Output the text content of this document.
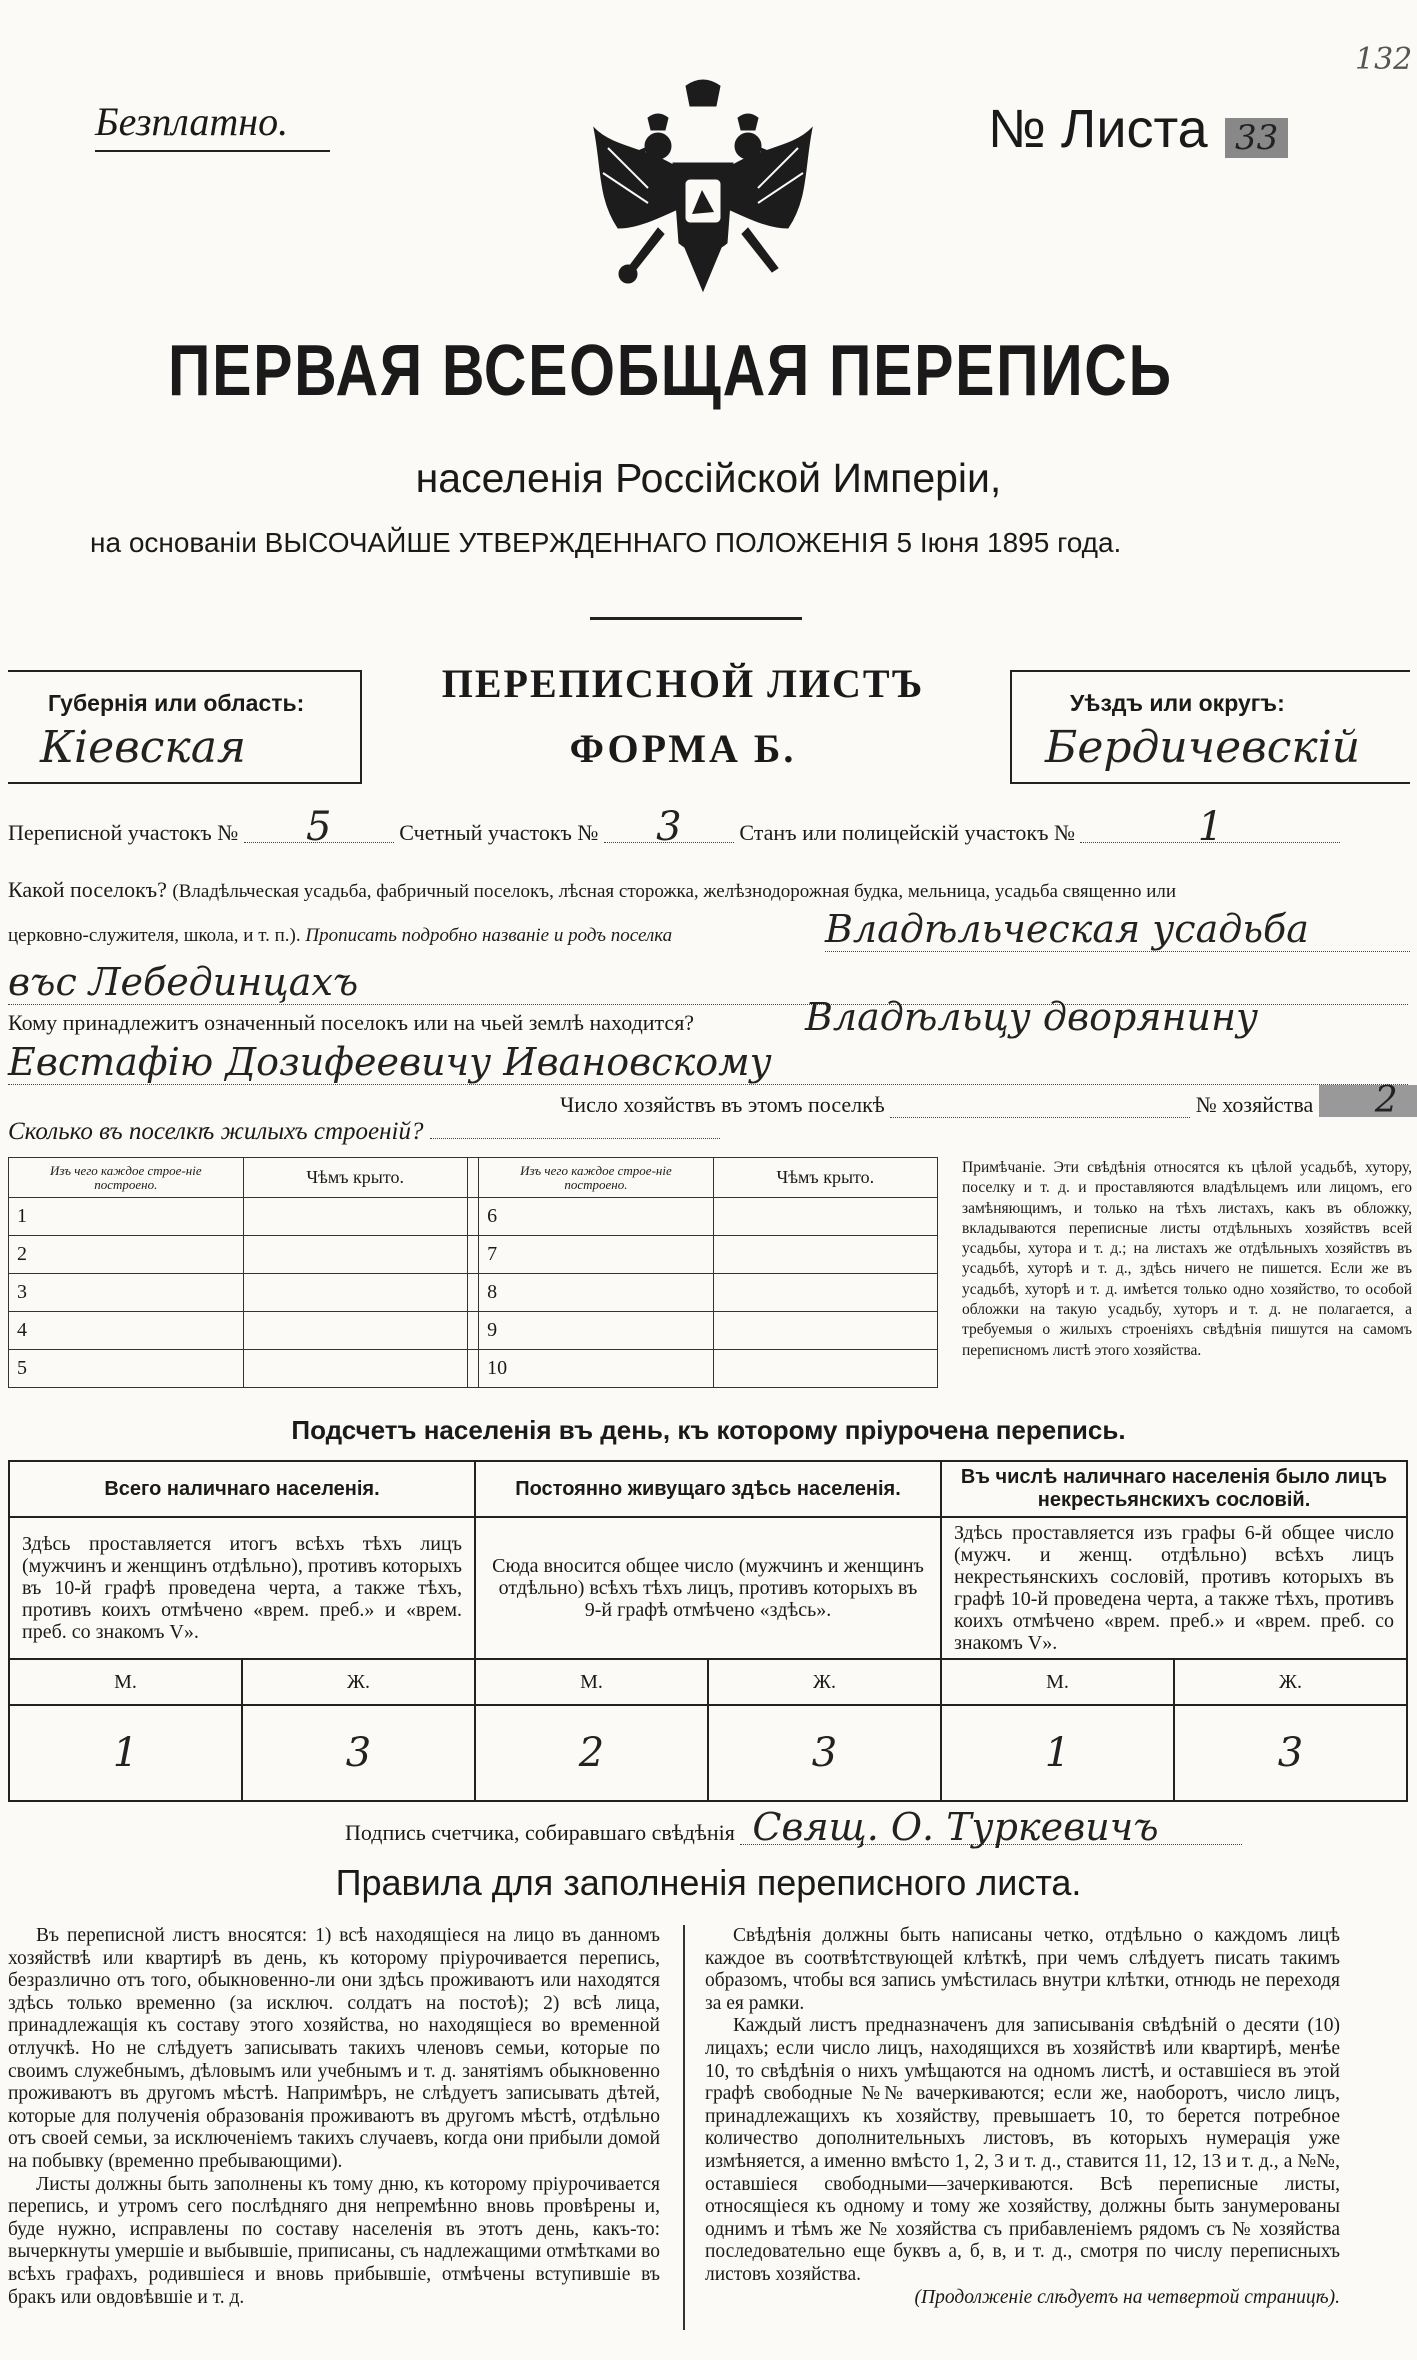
Безплатно.	№ Листа 33
132
ПЕРВАЯ ВСЕОБЩАЯ ПЕРЕПИСЬ
населенія Россійской Имперіи,
на основаніи ВЫСОЧАЙШЕ УТВЕРЖДЕННАГО ПОЛОЖЕНІЯ 5 Іюня 1895 года.
Губернія или область:
Кіевская
ПЕРЕПИСНОЙ ЛИСТЪ
ФОРМА Б.
Уѣздъ или округъ:
Бердичевскій
Переписной участокъ № 5	Счетный участокъ № 3	Станъ или полицейскій участокъ №	1
Какой поселокъ? (Владѣльческая усадьба, фабричный поселокъ, лѣсная сторожка, желѣзнодорожная будка, мельница, усадьба священно или
церковно-служителя, школа, и т. п.). Прописать подробно названіе и родъ поселка	Владѣльческая усадьба
въс Лебединцахъ
Кому принадлежитъ означенный поселокъ или на чьей землѣ находится?	Владѣльцу дворянину
Евстафію Дозифеевичу Ивановскому
Число хозяйствъ въ этомъ поселкѣ	№ хозяйства 2
Сколько въ поселкѣ жилыхъ строеній?
Изъ чего каждое строе-ніе построено.	Чѣмъ крыто.		Изъ чего каждое строе-ніе построено.	Чѣмъ крыто.
1			6	
2			7	
3			8	
4			9	
5			10	
Примѣчаніе. Эти свѣдѣнія относятся къ цѣлой усадьбѣ, хутору, поселку и т. д. и проставляются владѣльцемъ или лицомъ, его замѣняющимъ, и только на тѣхъ листахъ, какъ въ обложку, вкладываются переписные листы отдѣльныхъ хозяйствъ всей усадьбы, хутора и т. д.; на листахъ же отдѣльныхъ хозяйствъ въ усадьбѣ, хуторѣ и т. д., здѣсь ничего не пишется. Если же въ усадьбѣ, хуторѣ и т. д. имѣется только одно хозяйство, то особой обложки на такую усадьбу, хуторъ и т. д. не полагается, а требуемыя о жилыхъ строеніяхъ свѣдѣнія пишутся на самомъ переписномъ листѣ этого хозяйства.
Подсчетъ населенія въ день, къ которому пріурочена перепись.
Всего наличнаго населенія.		Постоянно живущаго здѣсь населенія.		Въ числѣ наличнаго населенія было лицъ некрестьянскихъ сословій.	
Здѣсь проставляется итогъ всѣхъ тѣхъ лицъ (мужчинъ и женщинъ отдѣльно), противъ которыхъ въ 10-й графѣ проведена черта, а также тѣхъ, противъ коихъ отмѣчено «врем. преб.» и «врем. преб. со знакомъ V».		Сюда вносится общее число (мужчинъ и женщинъ отдѣльно) всѣхъ тѣхъ лицъ, противъ которыхъ въ 9-й графѣ отмѣчено «здѣсь».		Здѣсь проставляется изъ графы 6-й общее число (мужч. и женщ. отдѣльно) всѣхъ лицъ некрестьянскихъ сословій, противъ которыхъ въ графѣ 10-й проведена черта, а также тѣхъ, противъ коихъ отмѣчено «врем. преб.» и «врем. преб. со знакомъ V».	
М.	Ж.	М.	Ж.	М.	Ж.
1	3	2	3	1	3
Подпись счетчика, собиравшаго свѣдѣнія Свящ. О. Туркевичъ
Правила для заполненія переписного листа.

Въ переписной листъ вносятся: 1) всѣ находящіеся на лицо въ данномъ хозяйствѣ или квартирѣ въ день, къ которому пріурочивается перепись, безразлично отъ того, обыкновенно-ли они здѣсь проживаютъ или находятся здѣсь только временно (за исключ. солдатъ на постоѣ); 2) всѣ лица, принадлежащія къ составу этого хозяйства, но находящіеся во временной отлучкѣ. Но не слѣдуетъ записывать такихъ членовъ семьи, которые по своимъ служебнымъ, дѣловымъ или учебнымъ и т. д. занятіямъ обыкновенно проживаютъ въ другомъ мѣстѣ. Напримѣръ, не слѣдуетъ записывать дѣтей, которые для полученія образованія проживаютъ въ другомъ мѣстѣ, отдѣльно отъ своей семьи, за исключеніемъ такихъ случаевъ, когда они прибыли домой на побывку (временно пребывающими).

Листы должны быть заполнены къ тому дню, къ которому пріурочивается перепись, и утромъ сего послѣдняго дня непремѣнно вновь провѣрены и, буде нужно, исправлены по составу населенія въ этотъ день, какъ-то: вычеркнуты умершіе и выбывшіе, приписаны, съ надлежащими отмѣтками во всѣхъ графахъ, родившіеся и вновь прибывшіе, отмѣчены вступившіе въ бракъ или овдовѣвшіе и т. д.

Свѣдѣнія должны быть написаны четко, отдѣльно о каждомъ лицѣ каждое въ соотвѣтствующей клѣткѣ, при чемъ слѣдуетъ писать такимъ образомъ, чтобы вся запись умѣстилась внутри клѣтки, отнюдь не переходя за ея рамки.

Каждый листъ предназначенъ для записыванія свѣдѣній о десяти (10) лицахъ; если число лицъ, находящихся въ хозяйствѣ или квартирѣ, менѣе 10, то свѣдѣнія о нихъ умѣщаются на одномъ листѣ, и оставшіеся въ этой графѣ свободные №№ вачеркиваются; если же, наоборотъ, число лицъ, принадлежащихъ къ хозяйству, превышаетъ 10, то берется потребное количество дополнительныхъ листовъ, въ которыхъ нумерація уже измѣняется, а именно вмѣсто 1, 2, 3 и т. д., ставится 11, 12, 13 и т. д., а №№, оставшіеся свободными—зачеркиваются. Всѣ переписные листы, относящіеся къ одному и тому же хозяйству, должны быть занумерованы однимъ и тѣмъ же № хозяйства съ прибавленіемъ рядомъ съ № хозяйства последовательно еще буквъ а, б, в, и т. д., смотря по числу переписныхъ листовъ хозяйства.

(Продолженіе слѣдуетъ на четвертой страницѣ).
